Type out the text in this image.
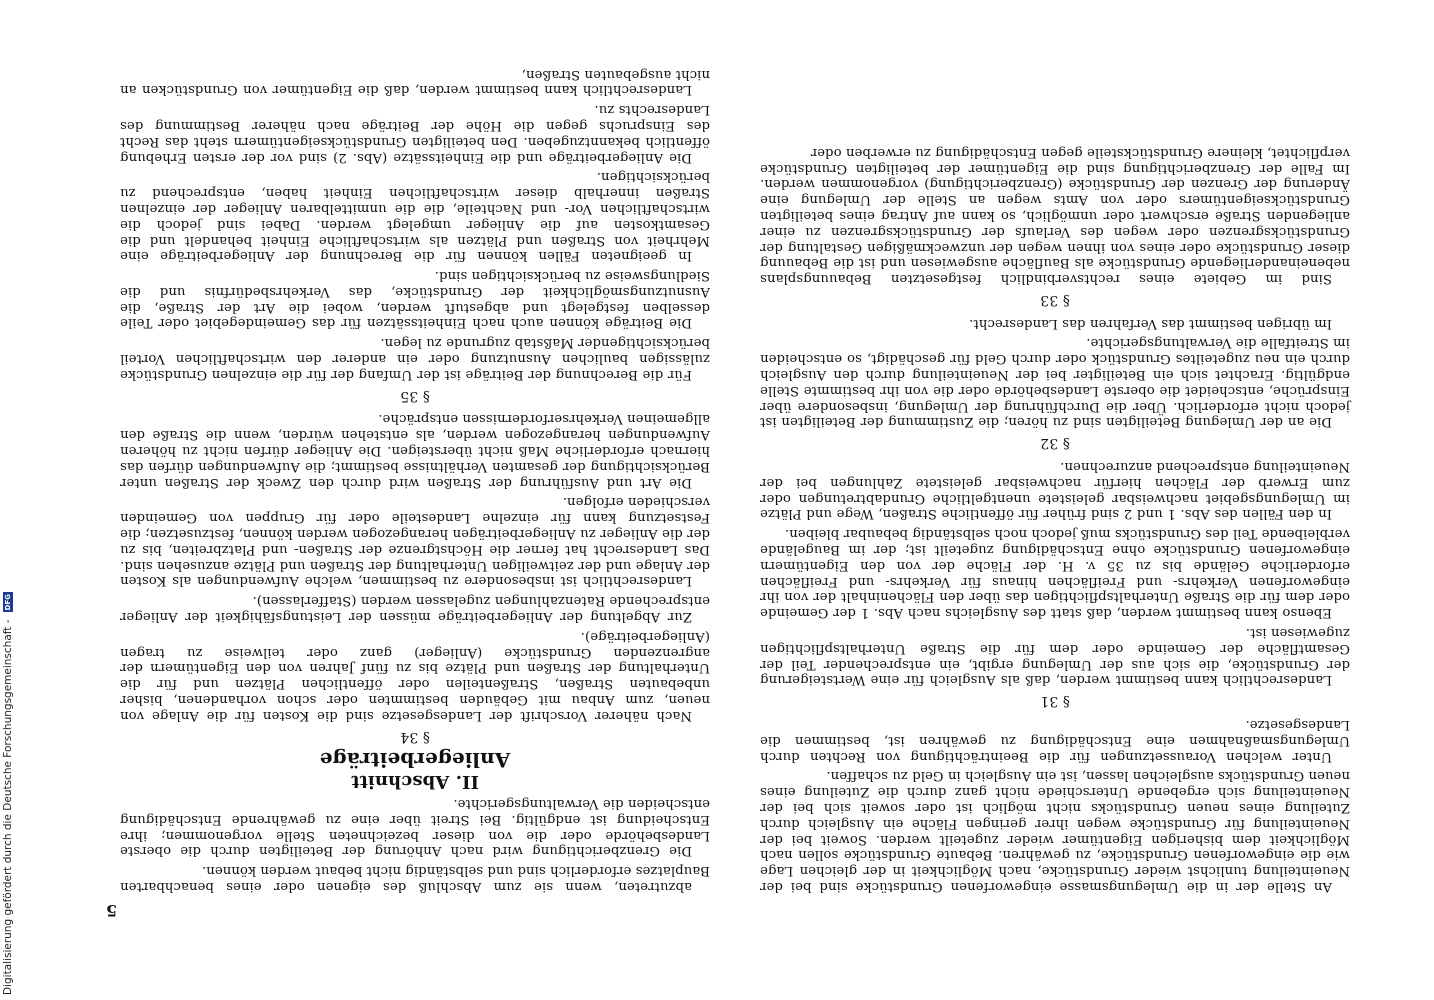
5

An Stelle der in die Umlegungsmasse eingeworfenen Grundstücke sind bei der Neueinteilung tunlichst wieder Grundstücke, nach Möglichkeit in der gleichen Lage wie die eingeworfenen Grundstücke, zu gewähren. Bebaute Grundstücke sollen nach Möglichkeit dem bisherigen Eigentümer wieder zugeteilt werden. Soweit bei der Neueinteilung für Grundstücke wegen ihrer geringen Fläche ein Ausgleich durch Zuteilung eines neuen Grundstücks nicht möglich ist oder soweit sich bei der Neueinteilung sich ergebende Unterschiede nicht ganz durch die Zuteilung eines neuen Grundstücks ausgleichen lassen, ist ein Ausgleich in Geld zu schaffen.

Unter welchen Voraussetzungen für die Beeinträchtigung von Rechten durch Umlegungsmaßnahmen eine Entschädigung zu gewähren ist, bestimmen die Landesgesetze.

§ 31

Landesrechtlich kann bestimmt werden, daß als Ausgleich für eine Wertsteigerung der Grundstücke, die sich aus der Umlegung ergibt, ein entsprechender Teil der Gesamtfläche der Gemeinde oder dem für die Straße Unterhaltspflichtigen zugewiesen ist.

Ebenso kann bestimmt werden, daß statt des Ausgleichs nach Abs. 1 der Gemeinde oder dem für die Straße Unterhaltspflichtigen das über den Flächeninhalt der von ihr eingeworfenen Verkehrs- und Freiflächen hinaus für Verkehrs- und Freiflächen erforderliche Gelände bis zu 35 v. H. der Fläche der von den Eigentümern eingeworfenen Grundstücke ohne Entschädigung zugeteilt ist; der im Baugelände verbleibende Teil des Grundstücks muß jedoch noch selbständig bebaubar bleiben.

In den Fällen des Abs. 1 und 2 sind früher für öffentliche Straßen, Wege und Plätze im Umlegungsgebiet nachweisbar geleistete unentgeltliche Grundabtretungen oder zum Erwerb der Flächen hierfür nachweisbar geleistete Zahlungen bei der Neueinteilung entsprechend anzurechnen.

§ 32

Die an der Umlegung Beteiligten sind zu hören; die Zustimmung der Beteiligten ist jedoch nicht erforderlich. Über die Durchführung der Umlegung, insbesondere über Einsprüche, entscheidet die oberste Landesbehörde oder die von ihr bestimmte Stelle endgültig. Erachtet sich ein Beteiligter bei der Neueinteilung durch den Ausgleich durch ein neu zugeteiltes Grundstück oder durch Geld für geschädigt, so entscheiden im Streitfalle die Verwaltungsgerichte.

Im übrigen bestimmt das Verfahren das Landesrecht.

§ 33

Sind im Gebiete eines rechtsverbindlich festgesetzten Bebauungsplans nebeneinanderliegende Grundstücke als Baufläche ausgewiesen und ist die Bebauung dieser Grundstücke oder eines von ihnen wegen der unzweckmäßigen Gestaltung der Grundstücksgrenzen oder wegen des Verlaufs der Grundstücksgrenzen zu einer anliegenden Straße erschwert oder unmöglich, so kann auf Antrag eines beteiligten Grundstückseigentümers oder von Amts wegen an Stelle der Umlegung eine Änderung der Grenzen der Grundstücke (Grenzberichtigung) vorgenommen werden. Im Falle der Grenzberichtigung sind die Eigentümer der beteiligten Grundstücke verpflichtet, kleinere Grundstücksteile gegen Entschädigung zu erwerben oder

abzutreten, wenn sie zum Abschluß des eigenen oder eines benachbarten Bauplatzes erforderlich sind und selbständig nicht bebaut werden können.

Die Grenzberichtigung wird nach Anhörung der Beteiligten durch die oberste Landesbehörde oder die von dieser bezeichneten Stelle vorgenommen; ihre Entscheidung ist endgültig. Bei Streit über eine zu gewährende Entschädigung entscheiden die Verwaltungsgerichte.

II. Abschnitt
Anliegerbeiträge
§ 34

Nach näherer Vorschrift der Landesgesetze sind die Kosten für die Anlage von neuen, zum Anbau mit Gebäuden bestimmten oder schon vorhandenen, bisher unbebauten Straßen, Straßenteilen oder öffentlichen Plätzen und für die Unterhaltung der Straßen und Plätze bis zu fünf Jahren von den Eigentümern der angrenzenden Grundstücke (Anlieger) ganz oder teilweise zu tragen (Anliegerbeiträge).

Zur Abgeltung der Anliegerbeiträge müssen der Leistungsfähigkeit der Anlieger entsprechende Ratenzahlungen zugelassen werden (Stafferlassen).

Landesrechtlich ist insbesondere zu bestimmen, welche Aufwendungen als Kosten der Anlage und der zeitweiligen Unterhaltung der Straßen und Plätze anzusehen sind. Das Landesrecht hat ferner die Höchstgrenze der Straßen- und Platzbreiten, bis zu der die Anlieger zu Anliegerbeiträgen herangezogen werden können, festzusetzen; die Festsetzung kann für einzelne Landesteile oder für Gruppen von Gemeinden verschieden erfolgen.

Die Art und Ausführung der Straßen wird durch den Zweck der Straßen unter Berücksichtigung der gesamten Verhältnisse bestimmt; die Aufwendungen dürfen das hiernach erforderliche Maß nicht übersteigen. Die Anlieger dürfen nicht zu höheren Aufwendungen herangezogen werden, als entstehen würden, wenn die Straße den allgemeinen Verkehrserfordernissen entspräche.

§ 35

Für die Berechnung der Beiträge ist der Umfang der für die einzelnen Grundstücke zulässigen baulichen Ausnutzung oder ein anderer den wirtschaftlichen Vorteil berücksichtigender Maßstab zugrunde zu legen.

Die Beiträge können auch nach Einheitssätzen für das Gemeindegebiet oder Teile desselben festgelegt und abgestuft werden, wobei die Art der Straße, die Ausnutzungsmöglichkeit der Grundstücke, das Verkehrsbedürfnis und die Siedlungsweise zu berücksichtigen sind.

In geeigneten Fällen können für die Berechnung der Anliegerbeiträge eine Mehrheit von Straßen und Plätzen als wirtschaftliche Einheit behandelt und die Gesamtkosten auf die Anlieger umgelegt werden. Dabei sind jedoch die wirtschaftlichen Vor- und Nachteile, die die unmittelbaren Anlieger der einzelnen Straßen innerhalb dieser wirtschaftlichen Einheit haben, entsprechend zu berücksichtigen.

Die Anliegerbeiträge und die Einheitssätze (Abs. 2) sind vor der ersten Erhebung öffentlich bekanntzugeben. Den beteiligten Grundstückseigentümern steht das Recht des Einspruchs gegen die Höhe der Beiträge nach näherer Bestimmung des Landesrechts zu.

Landesrechtlich kann bestimmt werden, daß die Eigentümer von Grundstücken an nicht ausgebauten Straßen,

Digitalisierung gefördert durch die Deutsche Forschungsgemeinschaft - DFG
